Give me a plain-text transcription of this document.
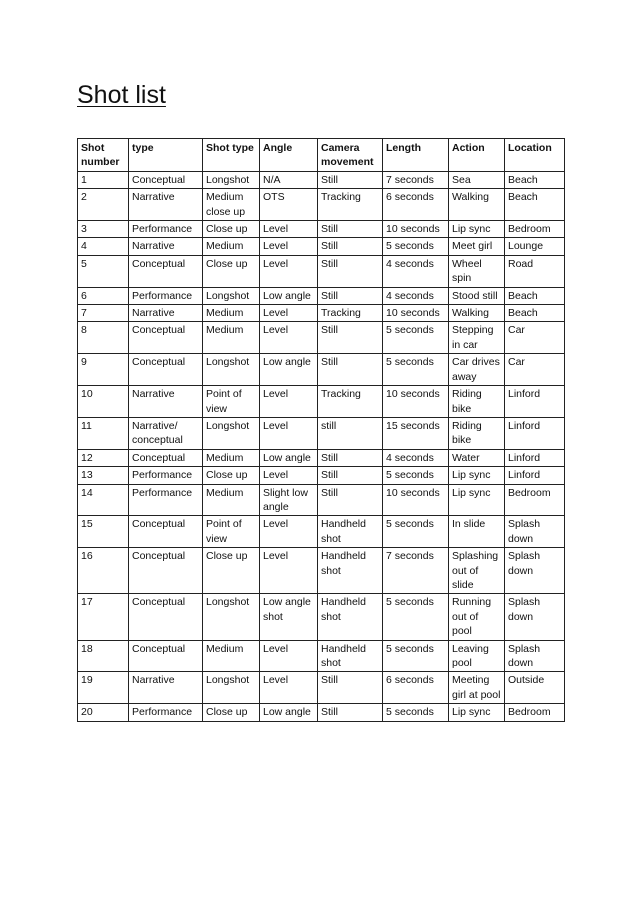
Shot list
Shot number	type	Shot type	Angle	Camera movement	Length	Action	Location
1	Conceptual	Longshot	N/A	Still	7 seconds	Sea	Beach
2	Narrative	Medium close up	OTS	Tracking	6 seconds	Walking	Beach
3	Performance	Close up	Level	Still	10 seconds	Lip sync	Bedroom
4	Narrative	Medium	Level	Still	5 seconds	Meet girl	Lounge
5	Conceptual	Close up	Level	Still	4 seconds	Wheel spin	Road
6	Performance	Longshot	Low angle	Still	4 seconds	Stood still	Beach
7	Narrative	Medium	Level	Tracking	10 seconds	Walking	Beach
8	Conceptual	Medium	Level	Still	5 seconds	Stepping in car	Car
9	Conceptual	Longshot	Low angle	Still	5 seconds	Car drives away	Car
10	Narrative	Point of view	Level	Tracking	10 seconds	Riding bike	Linford
11	Narrative/ conceptual	Longshot	Level	still	15 seconds	Riding bike	Linford
12	Conceptual	Medium	Low angle	Still	4 seconds	Water	Linford
13	Performance	Close up	Level	Still	5 seconds	Lip sync	Linford
14	Performance	Medium	Slight low angle	Still	10 seconds	Lip sync	Bedroom
15	Conceptual	Point of view	Level	Handheld shot	5 seconds	In slide	Splash down
16	Conceptual	Close up	Level	Handheld shot	7 seconds	Splashing out of slide	Splash down
17	Conceptual	Longshot	Low angle shot	Handheld shot	5 seconds	Running out of pool	Splash down
18	Conceptual	Medium	Level	Handheld shot	5 seconds	Leaving pool	Splash down
19	Narrative	Longshot	Level	Still	6 seconds	Meeting girl at pool	Outside
20	Performance	Close up	Low angle	Still	5 seconds	Lip sync	Bedroom
